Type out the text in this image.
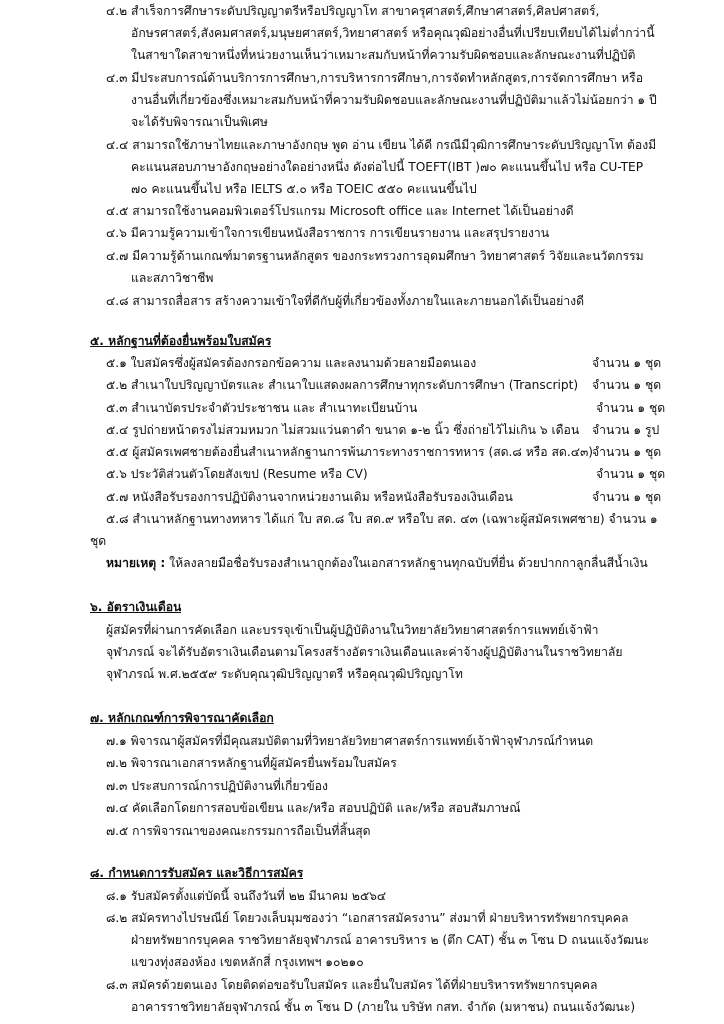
๔.๒ สำเร็จการศึกษาระดับปริญญาตรีหรือปริญญาโท สาขาครุศาสตร์,ศึกษาศาสตร์,ศิลปศาสตร์,
อักษรศาสตร์,สังคมศาสตร์,มนุษยศาสตร์,วิทยาศาสตร์ หรือคุณวุฒิอย่างอื่นที่เปรียบเทียบได้ไม่ต่ำกว่านี้
ในสาขาใดสาขาหนึ่งที่หน่วยงานเห็นว่าเหมาะสมกับหน้าที่ความรับผิดชอบและลักษณะงานที่ปฏิบัติ
๔.๓ มีประสบการณ์ด้านบริการการศึกษา,การบริหารการศึกษา,การจัดทำหลักสูตร,การจัดการศึกษา หรือ
งานอื่นที่เกี่ยวข้องซึ่งเหมาะสมกับหน้าที่ความรับผิดชอบและลักษณะงานที่ปฏิบัติมาแล้วไม่น้อยกว่า ๑ ปี
จะได้รับพิจารณาเป็นพิเศษ
๔.๔ สามารถใช้ภาษาไทยและภาษาอังกฤษ พูด อ่าน เขียน ได้ดี กรณีมีวุฒิการศึกษาระดับปริญญาโท ต้องมี
คะแนนสอบภาษาอังกฤษอย่างใดอย่างหนึ่ง ดังต่อไปนี้ TOEFT(IBT )๗๐ คะแนนขึ้นไป หรือ CU-TEP
๗๐ คะแนนขึ้นไป หรือ IELTS ๕.๐ หรือ TOEIC ๕๕๐ คะแนนขึ้นไป
๔.๕ สามารถใช้งานคอมพิวเตอร์โปรแกรม Microsoft office และ Internet ได้เป็นอย่างดี
๔.๖ มีความรู้ความเข้าใจการเขียนหนังสือราชการ การเขียนรายงาน และสรุปรายงาน
๔.๗ มีความรู้ด้านเกณฑ์มาตรฐานหลักสูตร ของกระทรวงการอุดมศึกษา วิทยาศาสตร์ วิจัยและนวัตกรรม
และสภาวิชาชีพ
๔.๘ สามารถสื่อสาร สร้างความเข้าใจที่ดีกับผู้ที่เกี่ยวข้องทั้งภายในและภายนอกได้เป็นอย่างดี
๕. หลักฐานที่ต้องยื่นพร้อมใบสมัคร
๕.๑ ใบสมัครซึ่งผู้สมัครต้องกรอกข้อความ และลงนามด้วยลายมือตนเอง	จำนวน ๑ ชุด
๕.๒ สำเนาใบปริญญาบัตรและ สำเนาใบแสดงผลการศึกษาทุกระดับการศึกษา (Transcript) จำนวน ๑ ชุด
๕.๓ สำเนาบัตรประจำตัวประชาชน และ สำเนาทะเบียนบ้าน	จำนวน ๑ ชุด
๕.๔ รูปถ่ายหน้าตรงไม่สวมหมวก ไม่สวมแว่นตาดำ ขนาด ๑-๒ นิ้ว ซึ่งถ่ายไว้ไม่เกิน ๖ เดือน จำนวน ๑ รูป
๕.๕ ผู้สมัครเพศชายต้องยื่นสำเนาหลักฐานการพ้นภาระทางราชการทหาร (สด.๘ หรือ สด.๔๓)
จำนวน ๑ ชุด
๕.๖ ประวัติส่วนตัวโดยสังเขป (Resume หรือ CV)	จำนวน ๑ ชุด
๕.๗ หนังสือรับรองการปฏิบัติงานจากหน่วยงานเดิม หรือหนังสือรับรองเงินเดือน	จำนวน ๑ ชุด
๕.๘ สำเนาหลักฐานทางทหาร ได้แก่ ใบ สด.๘ ใบ สด.๙ หรือใบ สด. ๔๓ (เฉพาะผู้สมัครเพศชาย) จำนวน ๑
ชุด
หมายเหตุ : ให้ลงลายมือชื่อรับรองสำเนาถูกต้องในเอกสารหลักฐานทุกฉบับที่ยื่น ด้วยปากกาลูกลื่นสีน้ำเงิน
๖. อัตราเงินเดือน
ผู้สมัครที่ผ่านการคัดเลือก และบรรจุเข้าเป็นผู้ปฏิบัติงานในวิทยาลัยวิทยาศาสตร์การแพทย์เจ้าฟ้า
จุฬาภรณ์ จะได้รับอัตราเงินเดือนตามโครงสร้างอัตราเงินเดือนและค่าจ้างผู้ปฏิบัติงานในราชวิทยาลัย
จุฬาภรณ์ พ.ศ.๒๕๕๙ ระดับคุณวุฒิปริญญาตรี หรือคุณวุฒิปริญญาโท
๗. หลักเกณฑ์การพิจารณาคัดเลือก
๗.๑ พิจารณาผู้สมัครที่มีคุณสมบัติตามที่วิทยาลัยวิทยาศาสตร์การแพทย์เจ้าฟ้าจุฬาภรณ์กำหนด
๗.๒ พิจารณาเอกสารหลักฐานที่ผู้สมัครยื่นพร้อมใบสมัคร
๗.๓ ประสบการณ์การปฏิบัติงานที่เกี่ยวข้อง
๗.๔ คัดเลือกโดยการสอบข้อเขียน และ/หรือ สอบปฏิบัติ และ/หรือ สอบสัมภาษณ์
๗.๕ การพิจารณาของคณะกรรมการถือเป็นที่สิ้นสุด
๘. กำหนดการรับสมัคร และวิธีการสมัคร
๘.๑ รับสมัครตั้งแต่บัดนี้ จนถึงวันที่ ๒๒ มีนาคม ๒๕๖๔
๘.๒ สมัครทางไปรษณีย์ โดยวงเล็บมุมซองว่า “เอกสารสมัครงาน” ส่งมาที่ ฝ่ายบริหารทรัพยากรบุคคล
ฝ่ายทรัพยากรบุคคล ราชวิทยาลัยจุฬาภรณ์ อาคารบริหาร ๒ (ตึก CAT) ชั้น ๓ โซน D ถนนแจ้งวัฒนะ
แขวงทุ่งสองห้อง เขตหลักสี่ กรุงเทพฯ ๑๐๒๑๐
๘.๓ สมัครด้วยตนเอง โดยติดต่อขอรับใบสมัคร และยื่นใบสมัคร ได้ที่ฝ่ายบริหารทรัพยากรบุคคล
อาคารราชวิทยาลัยจุฬาภรณ์ ชั้น ๓ โซน D (ภายใน บริษัท กสท. จำกัด (มหาชน) ถนนแจ้งวัฒนะ)
